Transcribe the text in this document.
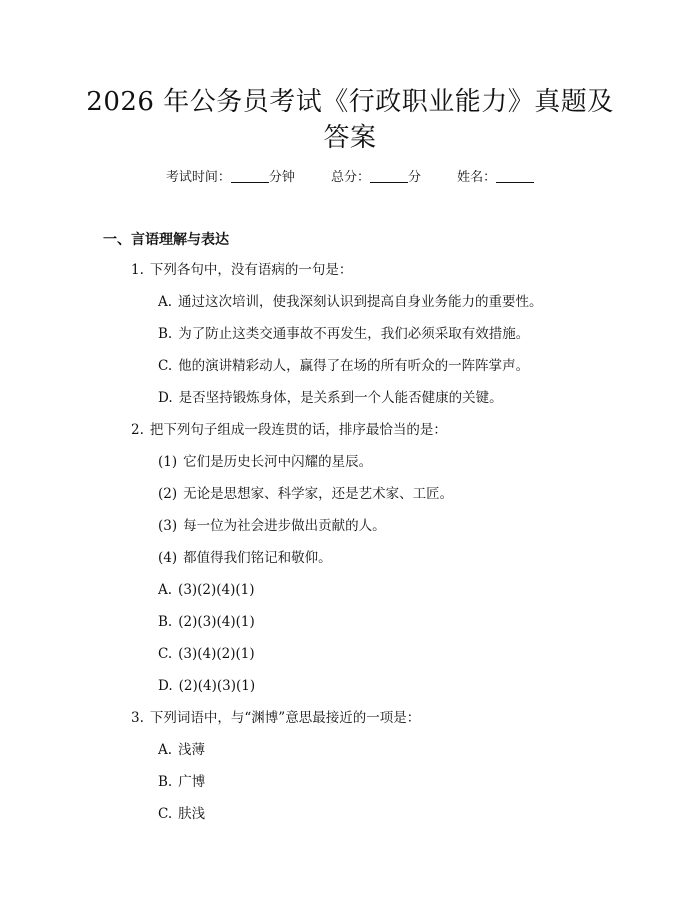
2026 年公务员考试《行政职业能力》真题及
答案
考试时间：	分钟	总分：	分	姓名：
一、言语理解与表达
1. 下列各句中，没有语病的一句是：
A. 通过这次培训，使我深刻认识到提高自身业务能力的重要性。
B. 为了防止这类交通事故不再发生，我们必须采取有效措施。
C. 他的演讲精彩动人，赢得了在场的所有听众的一阵阵掌声。
D. 是否坚持锻炼身体，是关系到一个人能否健康的关键。
2. 把下列句子组成一段连贯的话，排序最恰当的是：
(1) 它们是历史长河中闪耀的星辰。
(2) 无论是思想家、科学家，还是艺术家、工匠。
(3) 每一位为社会进步做出贡献的人。
(4) 都值得我们铭记和敬仰。
A. (3)(2)(4)(1)
B. (2)(3)(4)(1)
C. (3)(4)(2)(1)
D. (2)(4)(3)(1)
3. 下列词语中，与“渊博”意思最接近的一项是：
A. 浅薄
B. 广博
C. 肤浅
